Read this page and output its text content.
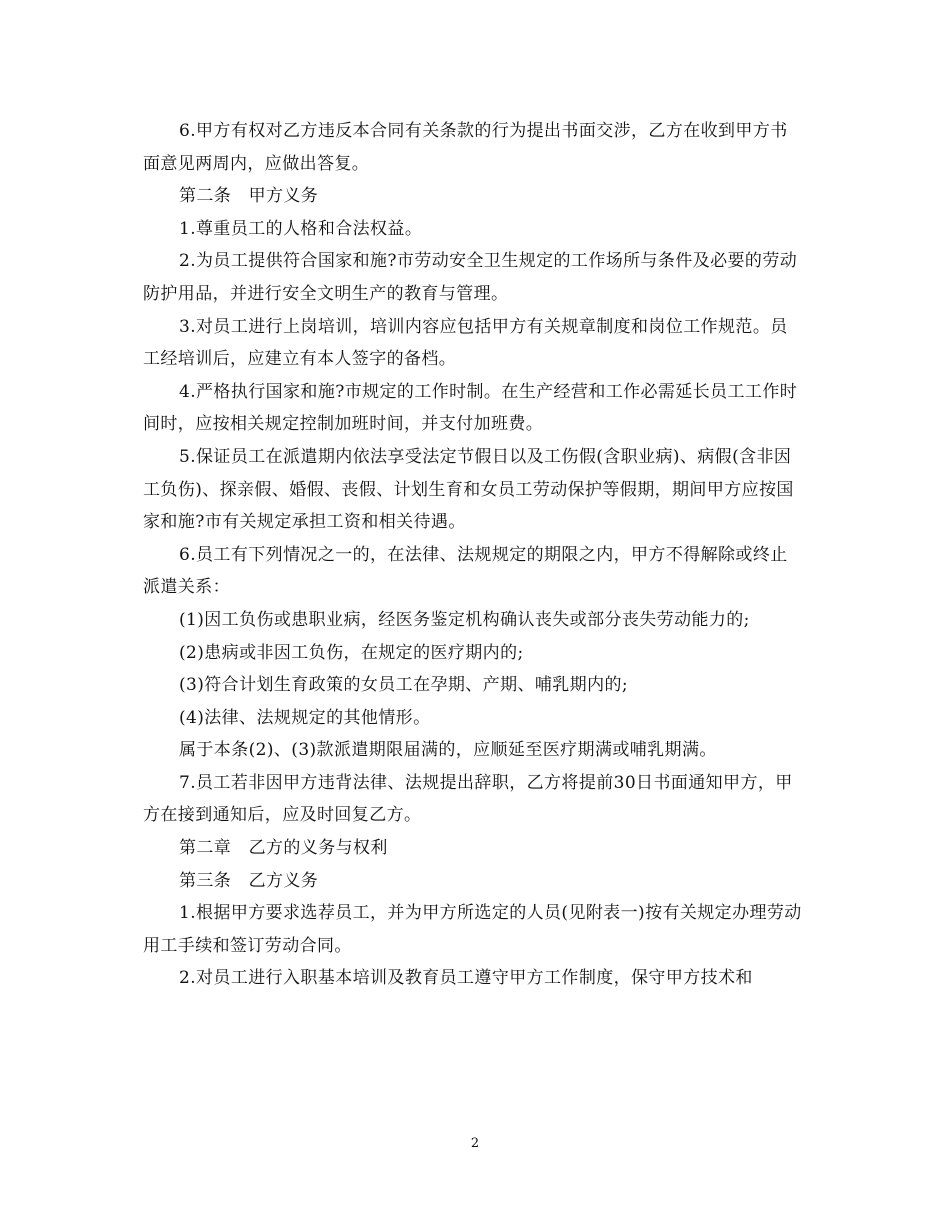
6.甲方有权对乙方违反本合同有关条款的行为提出书面交涉，乙方在收到甲方书面意见两周内，应做出答复。

第二条　甲方义务

1.尊重员工的人格和合法权益。

2.为员工提供符合国家和施?市劳动安全卫生规定的工作场所与条件及必要的劳动防护用品，并进行安全文明生产的教育与管理。

3.对员工进行上岗培训，培训内容应包括甲方有关规章制度和岗位工作规范。员工经培训后，应建立有本人签字的备档。

4.严格执行国家和施?市规定的工作时制。在生产经营和工作必需延长员工工作时间时，应按相关规定控制加班时间，并支付加班费。

5.保证员工在派遣期内依法享受法定节假日以及工伤假(含职业病)、病假(含非因工负伤)、探亲假、婚假、丧假、计划生育和女员工劳动保护等假期，期间甲方应按国家和施?市有关规定承担工资和相关待遇。

6.员工有下列情况之一的，在法律、法规规定的期限之内，甲方不得解除或终止派遣关系：

(1)因工负伤或患职业病，经医务鉴定机构确认丧失或部分丧失劳动能力的;

(2)患病或非因工负伤，在规定的医疗期内的;

(3)符合计划生育政策的女员工在孕期、产期、哺乳期内的;

(4)法律、法规规定的其他情形。

属于本条(2)、(3)款派遣期限届满的，应顺延至医疗期满或哺乳期满。

7.员工若非因甲方违背法律、法规提出辞职，乙方将提前30日书面通知甲方，甲方在接到通知后，应及时回复乙方。

第二章　乙方的义务与权利

第三条　乙方义务

1.根据甲方要求选荐员工，并为甲方所选定的人员(见附表一)按有关规定办理劳动用工手续和签订劳动合同。

2.对员工进行入职基本培训及教育员工遵守甲方工作制度，保守甲方技术和

2
